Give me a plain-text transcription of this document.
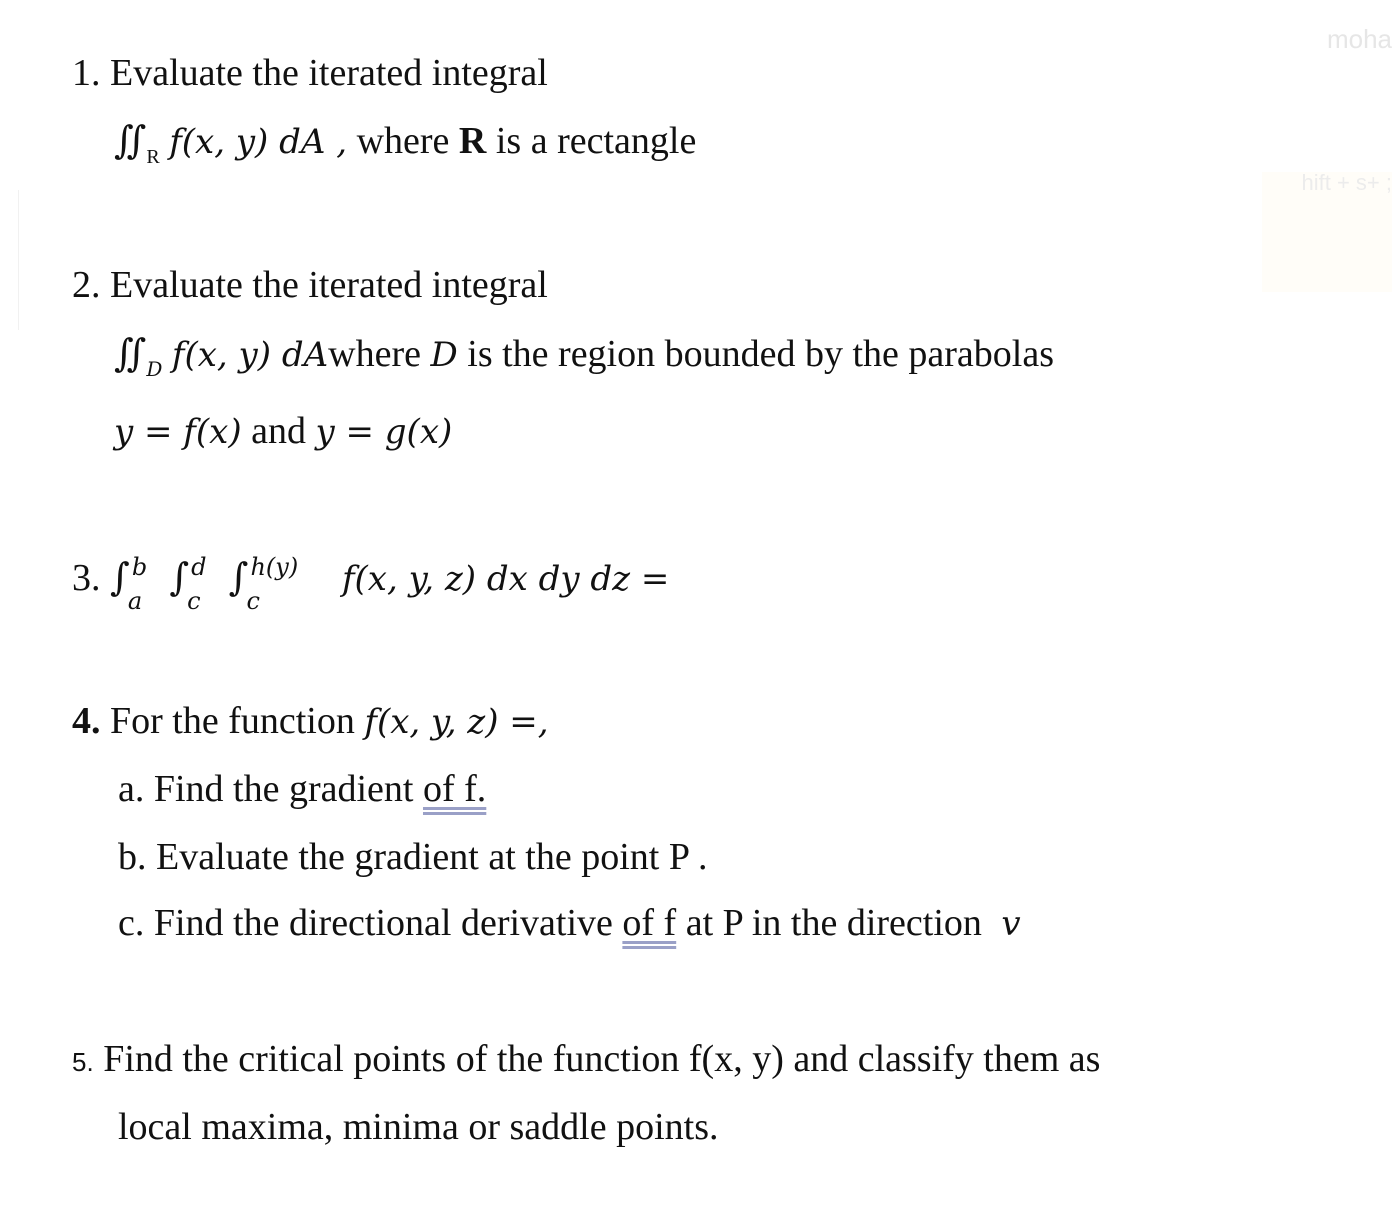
moha
hift + s+ ;
1. Evaluate the iterated integral
$∬_R$ f(x, y) dA , where R is a rectangle
2. Evaluate the iterated integral
$∬_D$ f(x, y) dAwhere D is the region bounded by the parabolas
y = f(x) and y = g(x)
3. ∫ b
a
∫ d
c
∫ h(y)
c
f(x, y, z) dx dy dz =
4. For the function f(x, y, z) =,
a. Find the gradient of f.
b. Evaluate the gradient at the point P .
c. Find the directional derivative of f at P in the direction v
5. Find the critical points of the function f(x, y) and classify them as
local maxima, minima or saddle points.
